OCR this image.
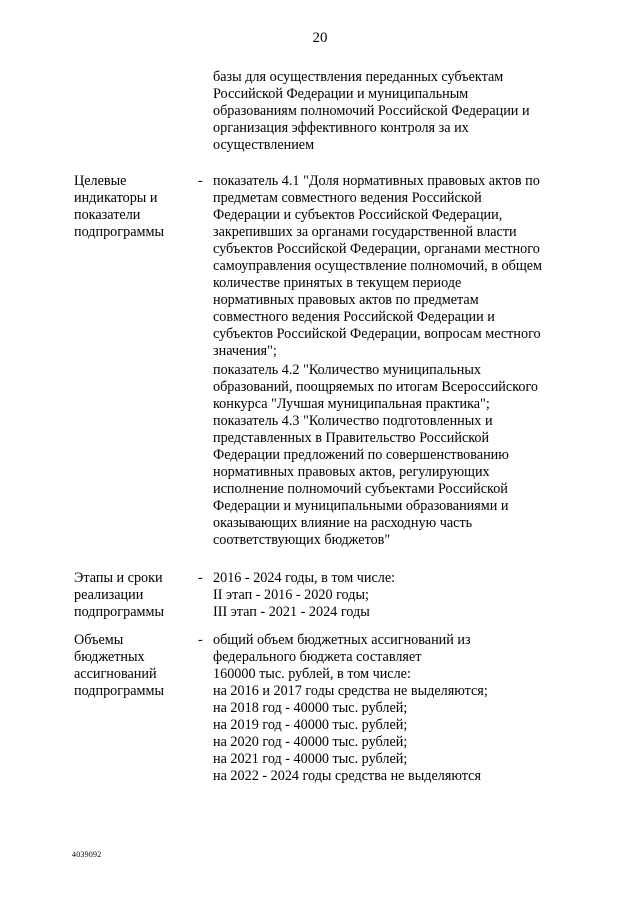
20
базы для осуществления переданных субъектам
Российской Федерации и муниципальным
образованиям полномочий Российской Федерации и
организация эффективного контроля за их
осуществлением
Целевые
индикаторы и
показатели
подпрограммы
- показатель 4.1 "Доля нормативных правовых актов по
предметам совместного ведения Российской
Федерации и субъектов Российской Федерации,
закрепивших за органами государственной власти
субъектов Российской Федерации, органами местного
самоуправления осуществление полномочий, в общем
количестве принятых в текущем периоде
нормативных правовых актов по предметам
совместного ведения Российской Федерации и
субъектов Российской Федерации, вопросам местного
значения";
показатель 4.2 "Количество муниципальных
образований, поощряемых по итогам Всероссийского
конкурса "Лучшая муниципальная практика";
показатель 4.3 "Количество подготовленных и
представленных в Правительство Российской
Федерации предложений по совершенствованию
нормативных правовых актов, регулирующих
исполнение полномочий субъектами Российской
Федерации и муниципальными образованиями и
оказывающих влияние на расходную часть
соответствующих бюджетов"
Этапы и сроки
реализации
подпрограммы
- 2016 - 2024 годы, в том числе:
II этап - 2016 - 2020 годы;
III этап - 2021 - 2024 годы
Объемы
бюджетных
ассигнований
подпрограммы
- общий объем бюджетных ассигнований из
федерального бюджета составляет
160000 тыс. рублей, в том числе:
на 2016 и 2017 годы средства не выделяются;
на 2018 год - 40000 тыс. рублей;
на 2019 год - 40000 тыс. рублей;
на 2020 год - 40000 тыс. рублей;
на 2021 год - 40000 тыс. рублей;
на 2022 - 2024 годы средства не выделяются
4039092
